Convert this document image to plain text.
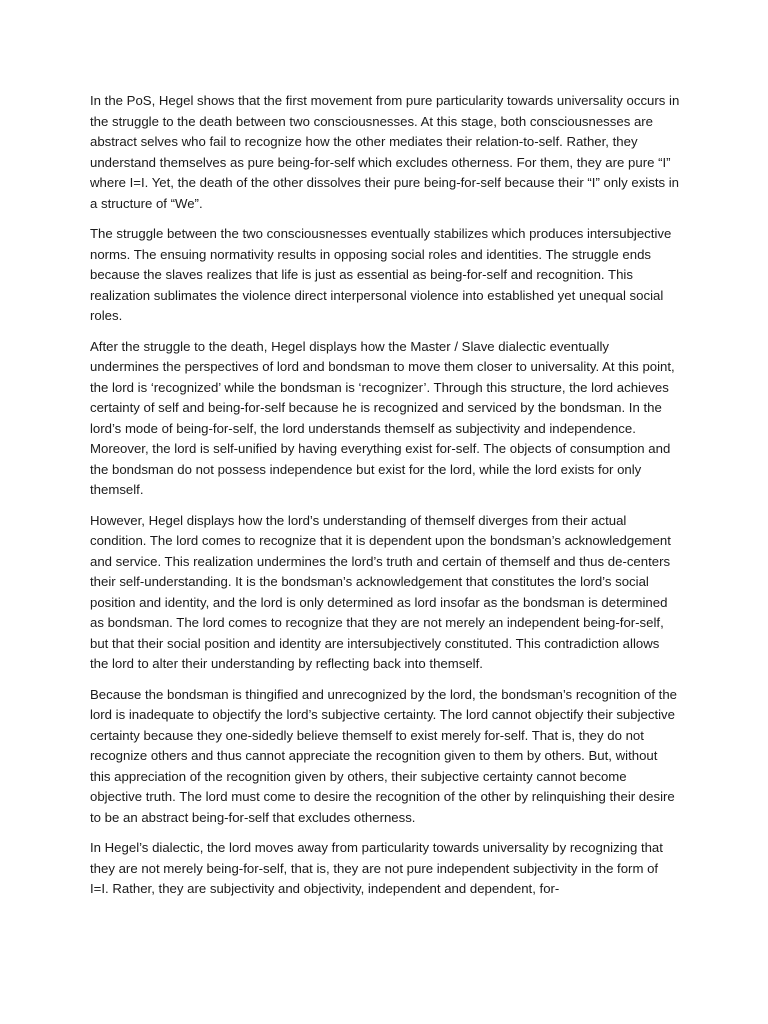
In the PoS, Hegel shows that the first movement from pure particularity towards universality occurs in the struggle to the death between two consciousnesses. At this stage, both consciousnesses are abstract selves who fail to recognize how the other mediates their relation-to-self. Rather, they understand themselves as pure being-for-self which excludes otherness. For them, they are pure “I” where I=I. Yet, the death of the other dissolves their pure being-for-self because their “I” only exists in a structure of “We”.

The struggle between the two consciousnesses eventually stabilizes which produces intersubjective norms. The ensuing normativity results in opposing social roles and identities. The struggle ends because the slaves realizes that life is just as essential as being-for-self and recognition. This realization sublimates the violence direct interpersonal violence into established yet unequal social roles.

After the struggle to the death, Hegel displays how the Master / Slave dialectic eventually undermines the perspectives of lord and bondsman to move them closer to universality. At this point, the lord is ‘recognized’ while the bondsman is ‘recognizer’. Through this structure, the lord achieves certainty of self and being-for-self because he is recognized and serviced by the bondsman. In the lord’s mode of being-for-self, the lord understands themself as subjectivity and independence. Moreover, the lord is self-unified by having everything exist for-self. The objects of consumption and the bondsman do not possess independence but exist for the lord, while the lord exists for only themself.

However, Hegel displays how the lord’s understanding of themself diverges from their actual condition. The lord comes to recognize that it is dependent upon the bondsman’s acknowledgement and service. This realization undermines the lord’s truth and certain of themself and thus de-centers their self-understanding. It is the bondsman’s acknowledgement that constitutes the lord’s social position and identity, and the lord is only determined as lord insofar as the bondsman is determined as bondsman. The lord comes to recognize that they are not merely an independent being-for-self, but that their social position and identity are intersubjectively constituted. This contradiction allows the lord to alter their understanding by reflecting back into themself.

Because the bondsman is thingified and unrecognized by the lord, the bondsman’s recognition of the lord is inadequate to objectify the lord’s subjective certainty. The lord cannot objectify their subjective certainty because they one-sidedly believe themself to exist merely for-self. That is, they do not recognize others and thus cannot appreciate the recognition given to them by others. But, without this appreciation of the recognition given by others, their subjective certainty cannot become objective truth. The lord must come to desire the recognition of the other by relinquishing their desire to be an abstract being-for-self that excludes otherness.

In Hegel’s dialectic, the lord moves away from particularity towards universality by recognizing that they are not merely being-for-self, that is, they are not pure independent subjectivity in the form of I=I. Rather, they are subjectivity and objectivity, independent and dependent, for-
